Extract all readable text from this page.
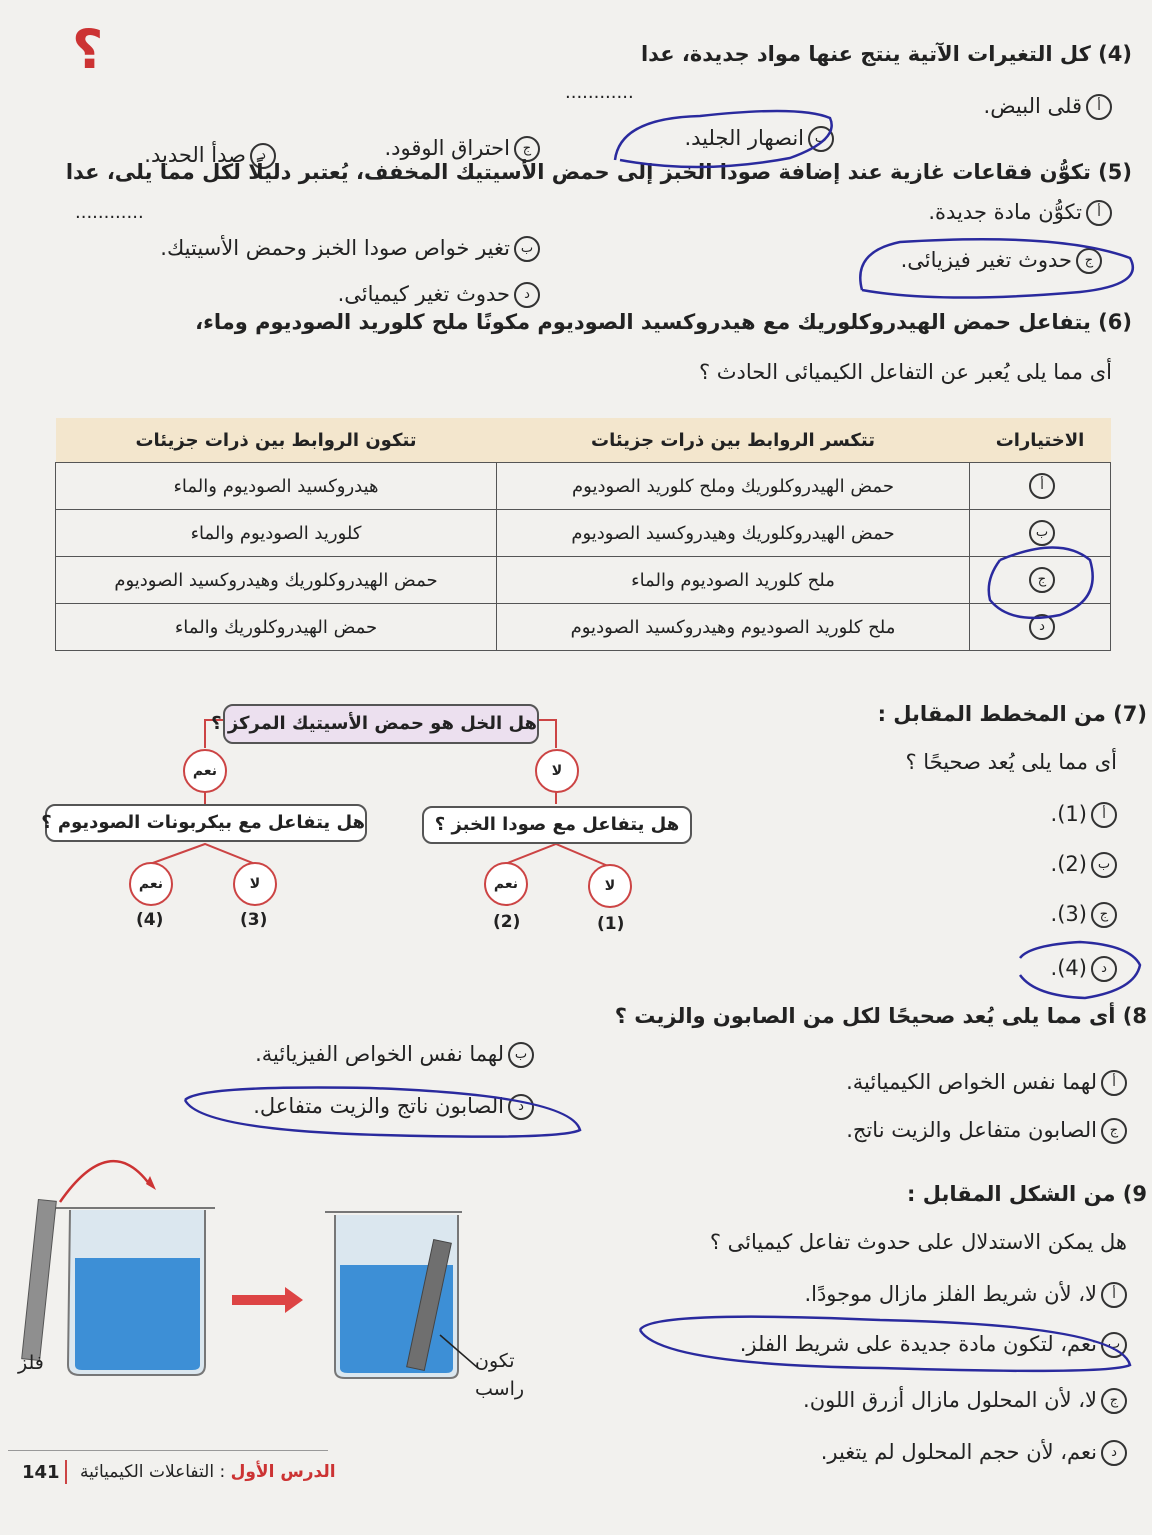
؟	(4) كل التغيرات الآتية ينتج عنها مواد جديدة، عدا
............
أقلى البيض.
بانصهار الجليد.
جاحتراق الوقود.
دصدأ الحديد.
(5) تكوُّن فقاعات غازية عند إضافة صودا الخبز إلى حمض الأسيتيك المخفف، يُعتبر دليلًا لكل مما يلى، عدا
............	أتكوُّن مادة جديدة.
بتغير خواص صودا الخبز وحمض الأسيتيك.
جحدوث تغير فيزيائى.
دحدوث تغير كيميائى.
(6) يتفاعل حمض الهيدروكلوريك مع هيدروكسيد الصوديوم مكونًا ملح كلوريد الصوديوم وماء،
أى مما يلى يُعبر عن التفاعل الكيميائى الحادث ؟
الاختيارات	تتكسر الروابط بين ذرات جزيئات	تتكون الروابط بين ذرات جزيئات
أ	حمض الهيدروكلوريك وملح كلوريد الصوديوم	هيدروكسيد الصوديوم والماء
ب	حمض الهيدروكلوريك وهيدروكسيد الصوديوم	كلوريد الصوديوم والماء
ج	ملح كلوريد الصوديوم والماء	حمض الهيدروكلوريك وهيدروكسيد الصوديوم
د	ملح كلوريد الصوديوم وهيدروكسيد الصوديوم	حمض الهيدروكلوريك والماء
(7) من المخطط المقابل :
أى مما يلى يُعد صحيحًا ؟
أ(1).
ب(2).
ج(3).
د(4).
هل الخل هو حمض الأسيتيك المركز ؟
نعم	لا
هل يتفاعل مع بيكربونات الصوديوم ؟	هل يتفاعل مع صودا الخبز ؟
نعم	لا	نعم	لا
(4)	(3)	(2)	(1)
8) أى مما يلى يُعد صحيحًا لكل من الصابون والزيت ؟
ألهما نفس الخواص الكيميائية.
بلهما نفس الخواص الفيزيائية.
جالصابون متفاعل والزيت ناتج.
دالصابون ناتج والزيت متفاعل.
9) من الشكل المقابل :
هل يمكن الاستدلال على حدوث تفاعل كيميائى ؟
ألا، لأن شريط الفلز مازال موجودًا.
بنعم، لتكون مادة جديدة على شريط الفلز.
جلا، لأن المحلول مازال أزرق اللون.
دنعم، لأن حجم المحلول لم يتغير.
فلز	تكون
راسب
141	الدرس الأول : التفاعلات الكيميائية
